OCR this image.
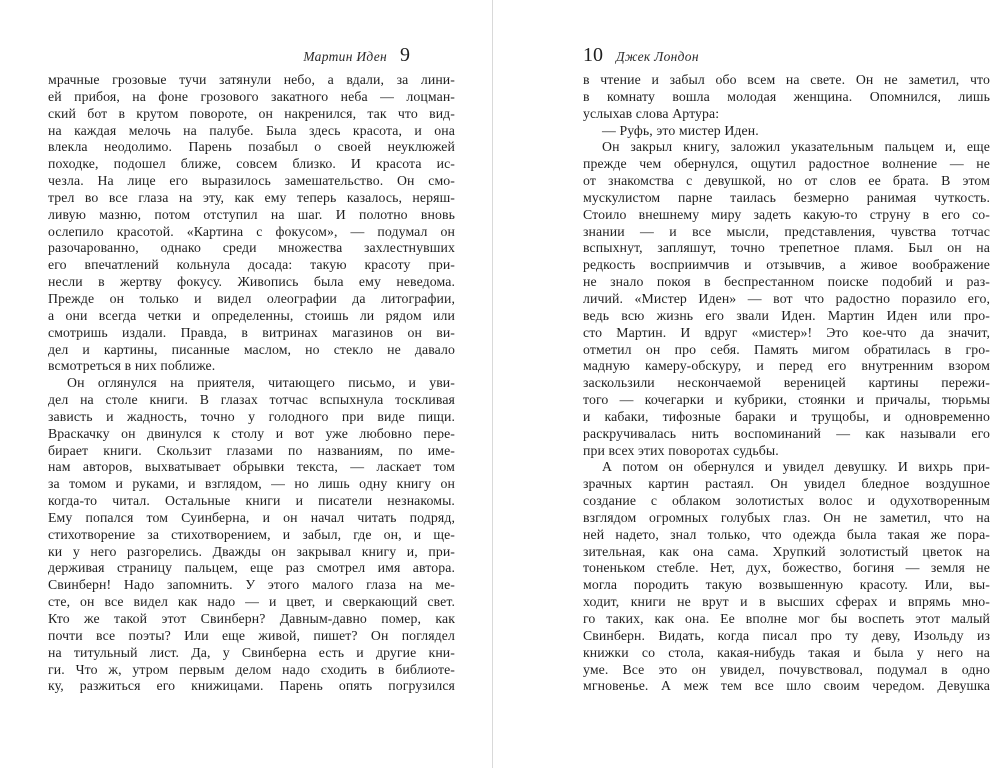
Мартин Иден 9
мрачные грозовые тучи затянули небо, а вдали, за лини-
ей прибоя, на фоне грозового закатного неба — лоцман-
ский бот в крутом повороте, он накренился, так что вид-
на каждая мелочь на палубе. Была здесь красота, и она
влекла неодолимо. Парень позабыл о своей неуклюжей
походке, подошел ближе, совсем близко. И красота ис-
чезла. На лице его выразилось замешательство. Он смо-
трел во все глаза на эту, как ему теперь казалось, неряш-
ливую мазню, потом отступил на шаг. И полотно вновь
ослепило красотой. «Картина с фокусом», — подумал он
разочарованно, однако среди множества захлестнувших
его впечатлений кольнула досада: такую красоту при-
несли в жертву фокусу. Живопись была ему неведома.
Прежде он только и видел олеографии да литографии,
а они всегда четки и определенны, стоишь ли рядом или
смотришь издали. Правда, в витринах магазинов он ви-
дел и картины, писанные маслом, но стекло не давало
всмотреться в них поближе.
Он оглянулся на приятеля, читающего письмо, и уви-
дел на столе книги. В глазах тотчас вспыхнула тоскливая
зависть и жадность, точно у голодного при виде пищи.
Враскачку он двинулся к столу и вот уже любовно пере-
бирает книги. Скользит глазами по названиям, по име-
нам авторов, выхватывает обрывки текста, — ласкает том
за томом и руками, и взглядом, — но лишь одну книгу он
когда-то читал. Остальные книги и писатели незнакомы.
Ему попался том Суинберна, и он начал читать подряд,
стихотворение за стихотворением, и забыл, где он, и ще-
ки у него разгорелись. Дважды он закрывал книгу и, при-
держивая страницу пальцем, еще раз смотрел имя автора.
Свинберн! Надо запомнить. У этого малого глаза на ме-
сте, он все видел как надо — и цвет, и сверкающий свет.
Кто же такой этот Свинберн? Давным-давно помер, как
почти все поэты? Или еще живой, пишет? Он поглядел
на титульный лист. Да, у Свинберна есть и другие кни-
ги. Что ж, утром первым делом надо сходить в библиоте-
ку, разжиться его книжицами. Парень опять погрузился
10 Джек Лондон
в чтение и забыл обо всем на свете. Он не заметил, что
в комнату вошла молодая женщина. Опомнился, лишь
услыхав слова Артура:
— Руфь, это мистер Иден.
Он закрыл книгу, заложил указательным пальцем и, еще
прежде чем обернулся, ощутил радостное волнение — не
от знакомства с девушкой, но от слов ее брата. В этом
мускулистом парне таилась безмерно ранимая чуткость.
Стоило внешнему миру задеть какую-то струну в его со-
знании — и все мысли, представления, чувства тотчас
вспыхнут, запляшут, точно трепетное пламя. Был он на
редкость восприимчив и отзывчив, а живое воображение
не знало покоя в беспрестанном поиске подобий и раз-
личий. «Мистер Иден» — вот что радостно поразило его,
ведь всю жизнь его звали Иден. Мартин Иден или про-
сто Мартин. И вдруг «мистер»! Это кое-что да значит,
отметил он про себя. Память мигом обратилась в гро-
мадную камеру-обскуру, и перед его внутренним взором
заскользили нескончаемой вереницей картины пережи-
того — кочегарки и кубрики, стоянки и причалы, тюрьмы
и кабаки, тифозные бараки и трущобы, и одновременно
раскручивалась нить воспоминаний — как называли его
при всех этих поворотах судьбы.
А потом он обернулся и увидел девушку. И вихрь при-
зрачных картин растаял. Он увидел бледное воздушное
создание с облаком золотистых волос и одухотворенным
взглядом огромных голубых глаз. Он не заметил, что на
ней надето, знал только, что одежда была такая же пора-
зительная, как она сама. Хрупкий золотистый цветок на
тоненьком стебле. Нет, дух, божество, богиня — земля не
могла породить такую возвышенную красоту. Или, вы-
ходит, книги не врут и в высших сферах и впрямь мно-
го таких, как она. Ее вполне мог бы воспеть этот малый
Свинберн. Видать, когда писал про ту деву, Изольду из
книжки со стола, какая-нибудь такая и была у него на
уме. Все это он увидел, почувствовал, подумал в одно
мгновенье. А меж тем все шло своим чередом. Девушка
